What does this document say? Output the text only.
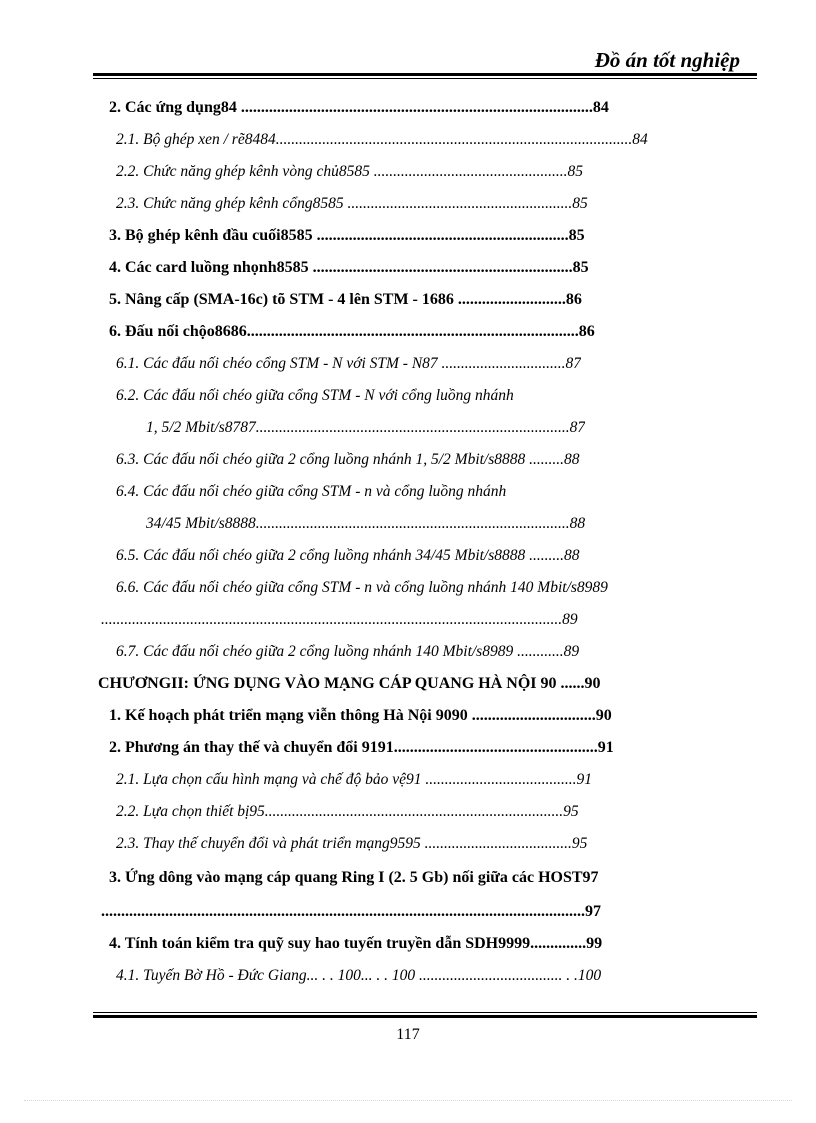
Đồ án tốt nghiệp
2. Các ứng dụng84 ........................................................................................84
2.1. Bộ ghép xen / rẽ8484............................................................................................84
2.2. Chức năng ghép kênh vòng chủ8585 ..................................................85
2.3. Chức năng ghép kênh cổng8585 ..........................................................85
3. Bộ ghép kênh đầu cuối8585 ...............................................................85
4. Các card luồng nhọnh8585 .................................................................85
5. Nâng cấp (SMA-16c) tõ STM - 4 lên STM - 1686 ...........................86
6. Đấu nối chộo8686...................................................................................86
6.1. Các đấu nối chéo cổng STM - N với STM - N87 ................................87
6.2. Các đấu nối chéo giữa cổng STM - N với cổng luồng nhánh
1, 5/2 Mbit/s8787.................................................................................87
6.3. Các đấu nối chéo giữa 2 cổng luồng nhánh 1, 5/2 Mbit/s8888 .........88
6.4. Các đấu nối chéo giữa cổng STM - n và cổng luồng nhánh
34/45 Mbit/s8888.................................................................................88
6.5. Các đấu nối chéo giữa 2 cổng luồng nhánh 34/45 Mbit/s8888 .........88
6.6. Các đấu nối chéo giữa cổng STM - n và cổng luồng nhánh 140 Mbit/s8989
.......................................................................................................................89
6.7. Các đấu nối chéo giữa 2 cổng luồng nhánh 140 Mbit/s8989 ............89
CHƯƠNGII: ỨNG DỤNG VÀO MẠNG CÁP QUANG HÀ NỘI 90 ......90
1. Kế hoạch phát triển mạng viễn thông Hà Nội 9090 ...............................90
2. Phương án thay thế và chuyển đổi 9191...................................................91
2.1. Lựa chọn cấu hình mạng và chế độ bảo vệ91 .......................................91
2.2. Lựa chọn thiết bị95.............................................................................95
2.3. Thay thế chuyển đổi và phát triển mạng9595 ......................................95
3. Ứng dông vào mạng cáp quang Ring I (2. 5 Gb) nối giữa các HOST97
.........................................................................................................................97
4. Tính toán kiểm tra quỹ suy hao tuyến truyền dẫn SDH9999..............99
4.1. Tuyến Bờ Hồ - Đức Giang... . . 100... . . 100 ..................................... . .100
117
